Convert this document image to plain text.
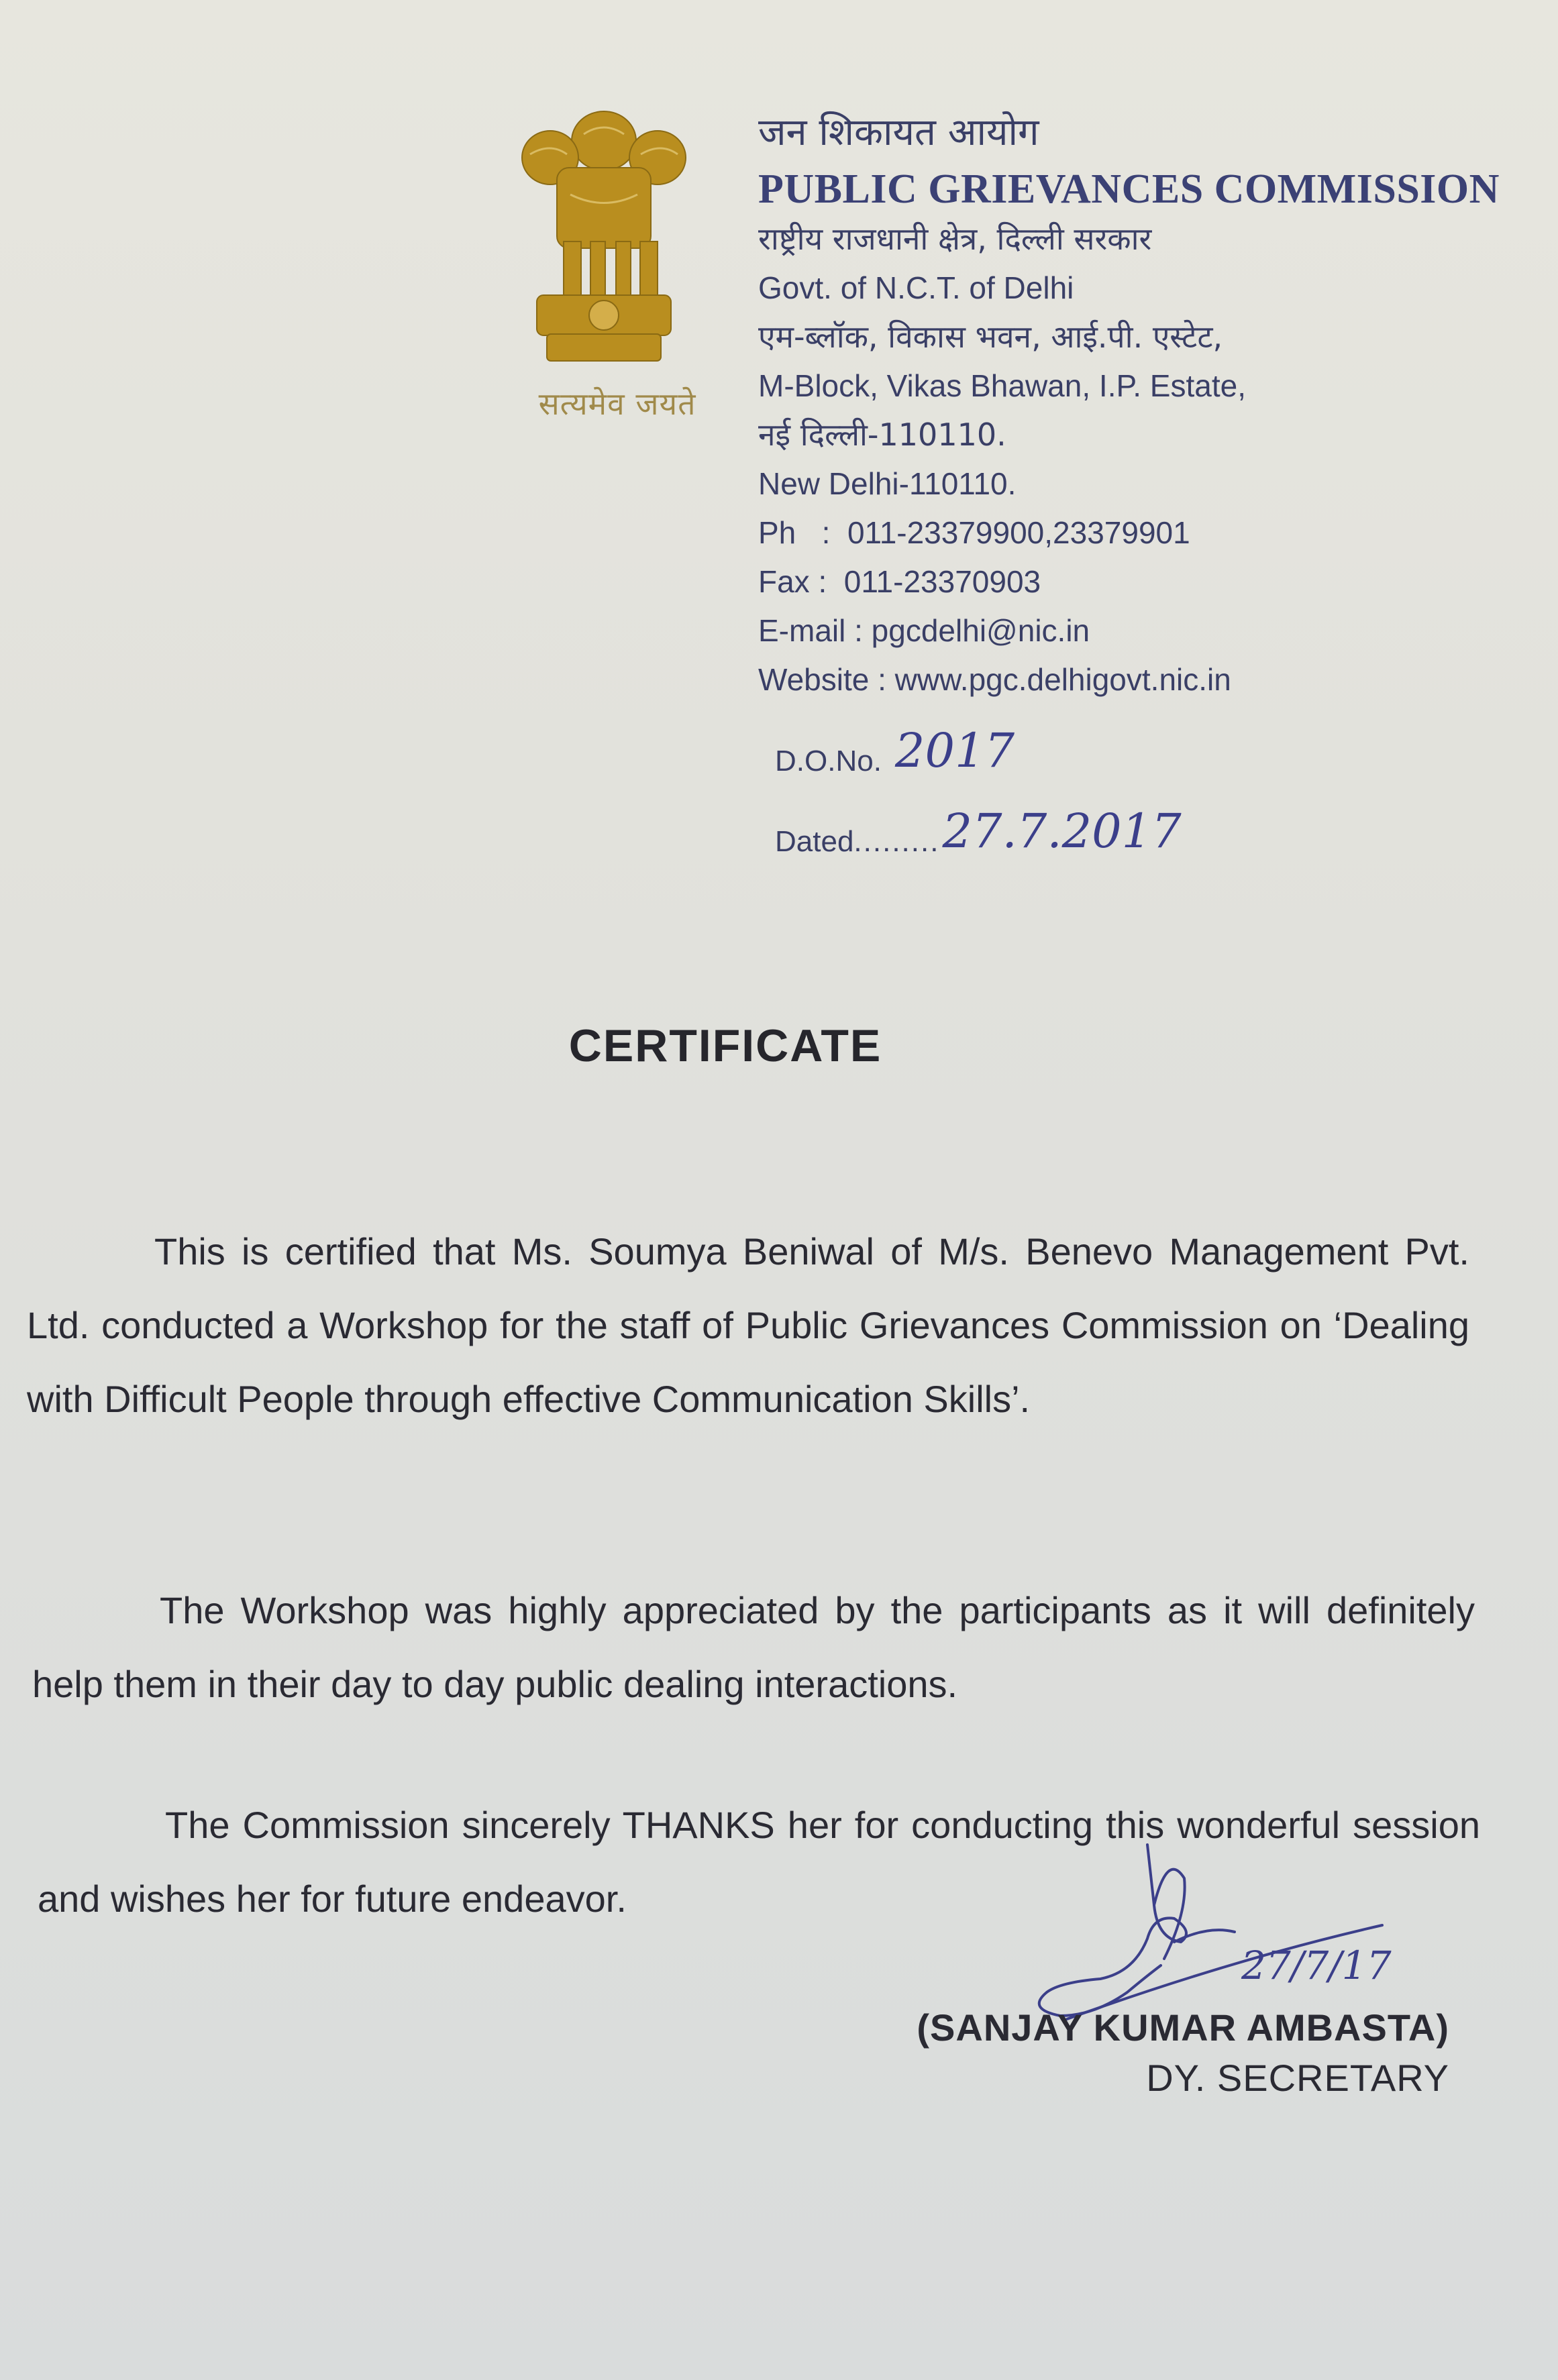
सत्यमेव जयते
जन शिकायत आयोग
PUBLIC GRIEVANCES COMMISSION
राष्ट्रीय राजधानी क्षेत्र, दिल्ली सरकार
Govt. of N.C.T. of Delhi
एम-ब्लॉक, विकास भवन, आई.पी. एस्टेट,
M-Block, Vikas Bhawan, I.P. Estate,
नई दिल्ली-110110.
New Delhi-110110.
Ph   :  011-23379900,23379901
Fax :  011-23370903
E-mail : pgcdelhi@nic.in
Website : www.pgc.delhigovt.nic.in
D.O.No. 2017
Dated ......... 27.7.2017
CERTIFICATE

This is certified that Ms. Soumya Beniwal of M/s. Benevo Management Pvt. Ltd. conducted a Workshop for the staff of Public Grievances Commission on ‘Dealing with Difficult People through effective Communication Skills’.

The Workshop was highly appreciated by the participants as it will definitely help them in their day to day public dealing interactions.

The Commission sincerely THANKS her for conducting this wonderful session and wishes her for future endeavor.

27/7/17
(SANJAY KUMAR AMBASTA)
DY. SECRETARY
